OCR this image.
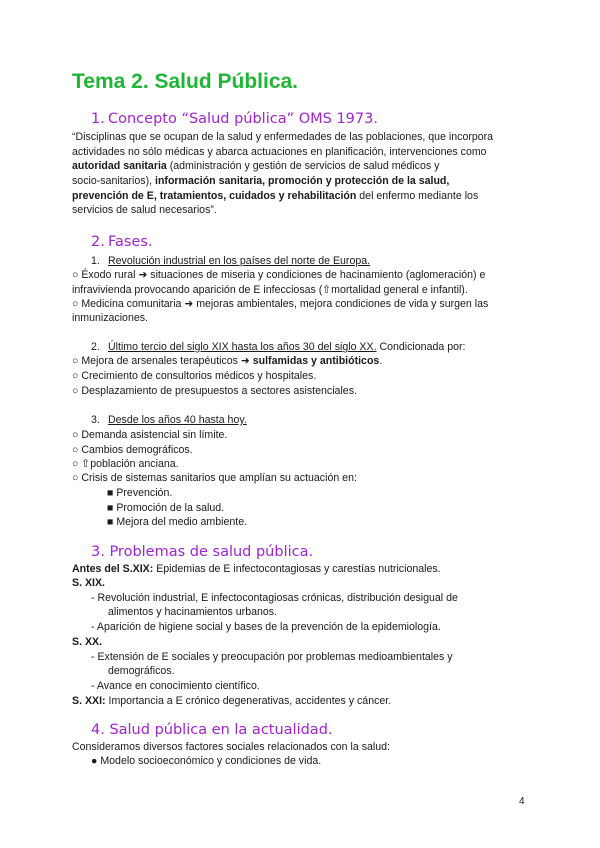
Tema 2. Salud Pública.
1. Concepto “Salud pública” OMS 1973.
“Disciplinas que se ocupan de la salud y enfermedades de las poblaciones, que incorpora
actividades no sólo médicas y abarca actuaciones en planificación, intervenciones como
autoridad sanitaria (administración y gestión de servicios de salud médicos y
socio-sanitarios), información sanitaria, promoción y protección de la salud,
prevención de E, tratamientos, cuidados y rehabilitación del enfermo mediante los
servicios de salud necesarios”.
2. Fases.
1. Revolución industrial en los países del norte de Europa.
○ Éxodo rural ➜ situaciones de miseria y condiciones de hacinamiento (aglomeración) e
infravivienda provocando aparición de E infecciosas (⇧mortalidad general e infantil).
○ Medicina comunitaria ➜ mejoras ambientales, mejora condiciones de vida y surgen las
inmunizaciones.
2. Último tercio del siglo XIX hasta los años 30 del siglo XX. Condicionada por:
○ Mejora de arsenales terapéuticos ➜ sulfamidas y antibióticos.
○ Crecimiento de consultorios médicos y hospitales.
○ Desplazamiento de presupuestos a sectores asistenciales.
3. Desde los años 40 hasta hoy.
○ Demanda asistencial sin límite.
○ Cambios demográficos.
○ ⇧población anciana.
○ Crisis de sistemas sanitarios que amplían su actuación en:
■ Prevención.
■ Promoción de la salud.
■ Mejora del medio ambiente.
3. Problemas de salud pública.
Antes del S.XIX: Epidemias de E infectocontagiosas y carestías nutricionales.
S. XIX.
- Revolución industrial, E infectocontagiosas crónicas, distribución desigual de
alimentos y hacinamientos urbanos.
- Aparición de higiene social y bases de la prevención de la epidemiología.
S. XX.
- Extensión de E sociales y preocupación por problemas medioambientales y
demográficos.
- Avance en conocimiento científico.
S. XXI: Importancia a E crónico degenerativas, accidentes y cáncer.
4. Salud pública en la actualidad.
Consideramos diversos factores sociales relacionados con la salud:
● Modelo socioeconómico y condiciones de vida.
4
